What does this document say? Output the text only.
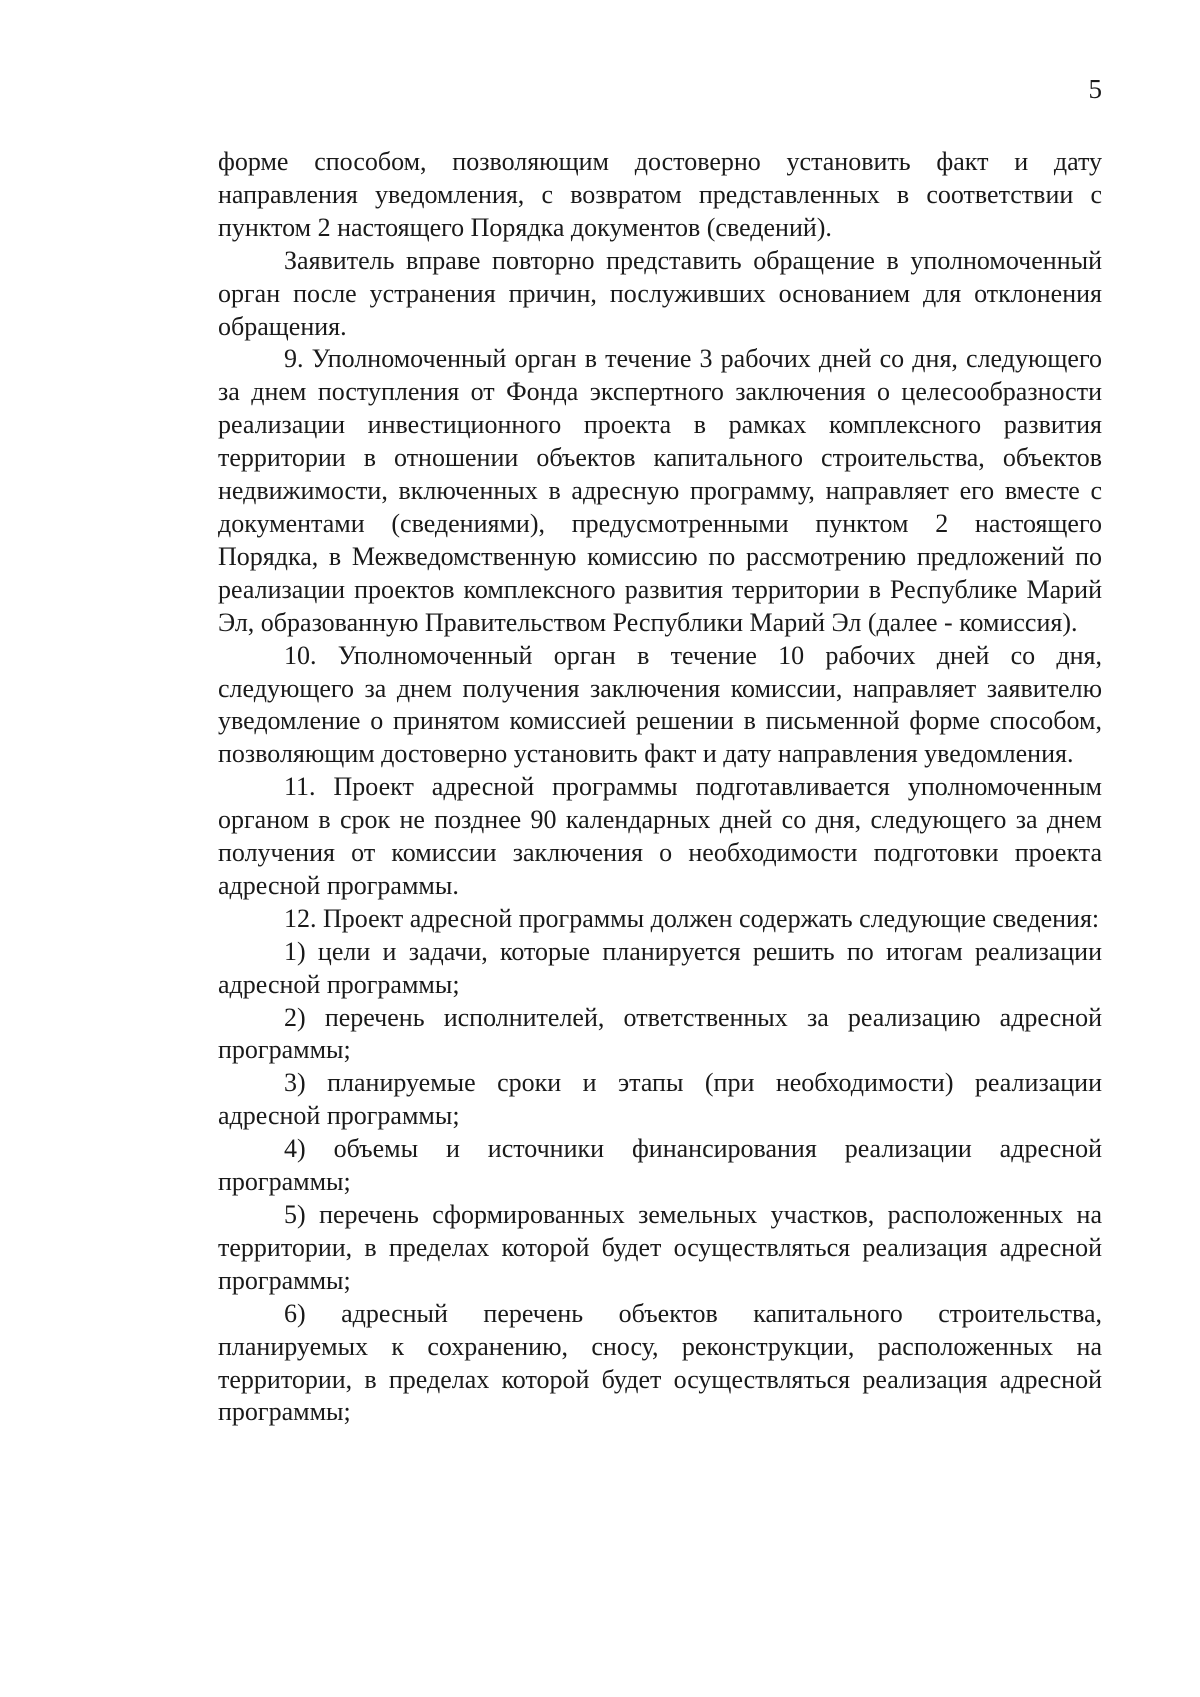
5

форме способом, позволяющим достоверно установить факт и дату направления уведомления, с возвратом представленных в соответствии с пунктом 2 настоящего Порядка документов (сведений).

Заявитель вправе повторно представить обращение в уполномоченный орган после устранения причин, послуживших основанием для отклонения обращения.

9. Уполномоченный орган в течение 3 рабочих дней со дня, следующего за днем поступления от Фонда экспертного заключения о целесообразности реализации инвестиционного проекта в рамках комплексного развития территории в отношении объектов капитального строительства, объектов недвижимости, включенных в адресную программу, направляет его вместе с документами (сведениями), предусмотренными пунктом 2 настоящего Порядка, в Межведомственную комиссию по рассмотрению предложений по реализации проектов комплексного развития территории в Республике Марий Эл, образованную Правительством Республики Марий Эл (далее - комиссия).

10. Уполномоченный орган в течение 10 рабочих дней со дня, следующего за днем получения заключения комиссии, направляет заявителю уведомление о принятом комиссией решении в письменной форме способом, позволяющим достоверно установить факт и дату направления уведомления.

11. Проект адресной программы подготавливается уполномоченным органом в срок не позднее 90 календарных дней со дня, следующего за днем получения от комиссии заключения о необходимости подготовки проекта адресной программы.

12. Проект адресной программы должен содержать следующие сведения:

1) цели и задачи, которые планируется решить по итогам реализации адресной программы;

2) перечень исполнителей, ответственных за реализацию адресной программы;

3) планируемые сроки и этапы (при необходимости) реализации адресной программы;

4) объемы и источники финансирования реализации адресной программы;

5) перечень сформированных земельных участков, расположенных на территории, в пределах которой будет осуществляться реализация адресной программы;

6) адресный перечень объектов капитального строительства, планируемых к сохранению, сносу, реконструкции, расположенных на территории, в пределах которой будет осуществляться реализация адресной программы;
